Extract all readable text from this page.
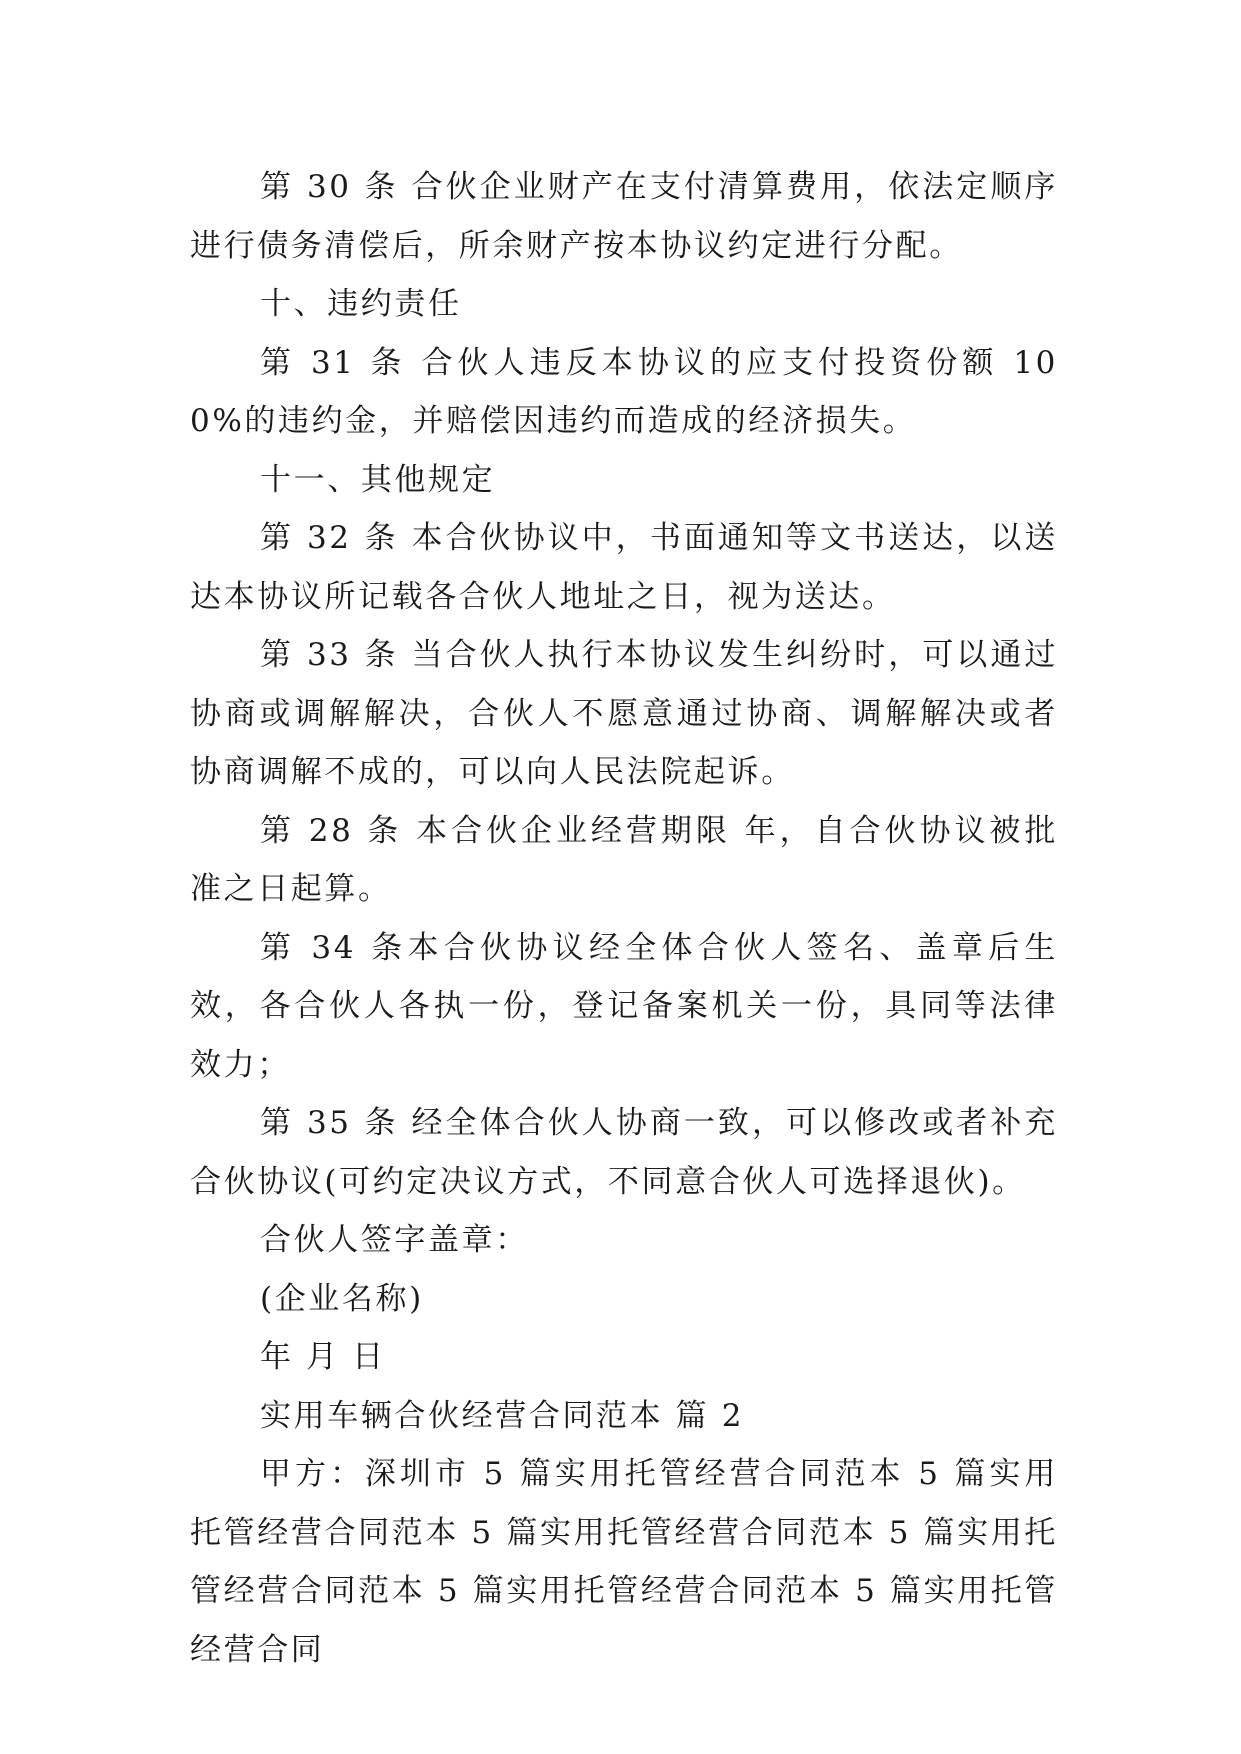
第 30 条 合伙企业财产在支付清算费用，依法定顺序进行债务清偿后，所余财产按本协议约定进行分配。

十、违约责任

第 31 条 合伙人违反本协议的应支付投资份额 100%的违约金，并赔偿因违约而造成的经济损失。

十一、其他规定

第 32 条 本合伙协议中，书面通知等文书送达，以送达本协议所记载各合伙人地址之日，视为送达。

第 33 条 当合伙人执行本协议发生纠纷时，可以通过协商或调解解决，合伙人不愿意通过协商、调解解决或者协商调解不成的，可以向人民法院起诉。

第 28 条 本合伙企业经营期限 年，自合伙协议被批准之日起算。

第 34 条本合伙协议经全体合伙人签名、盖章后生效，各合伙人各执一份，登记备案机关一份，具同等法律效力；

第 35 条 经全体合伙人协商一致，可以修改或者补充合伙协议(可约定决议方式，不同意合伙人可选择退伙)。

合伙人签字盖章：

(企业名称)

年 月 日

实用车辆合伙经营合同范本 篇 2

甲方：深圳市 5 篇实用托管经营合同范本 5 篇实用托管经营合同范本 5 篇实用托管经营合同范本 5 篇实用托管经营合同范本 5 篇实用托管经营合同范本 5 篇实用托管经营合同
